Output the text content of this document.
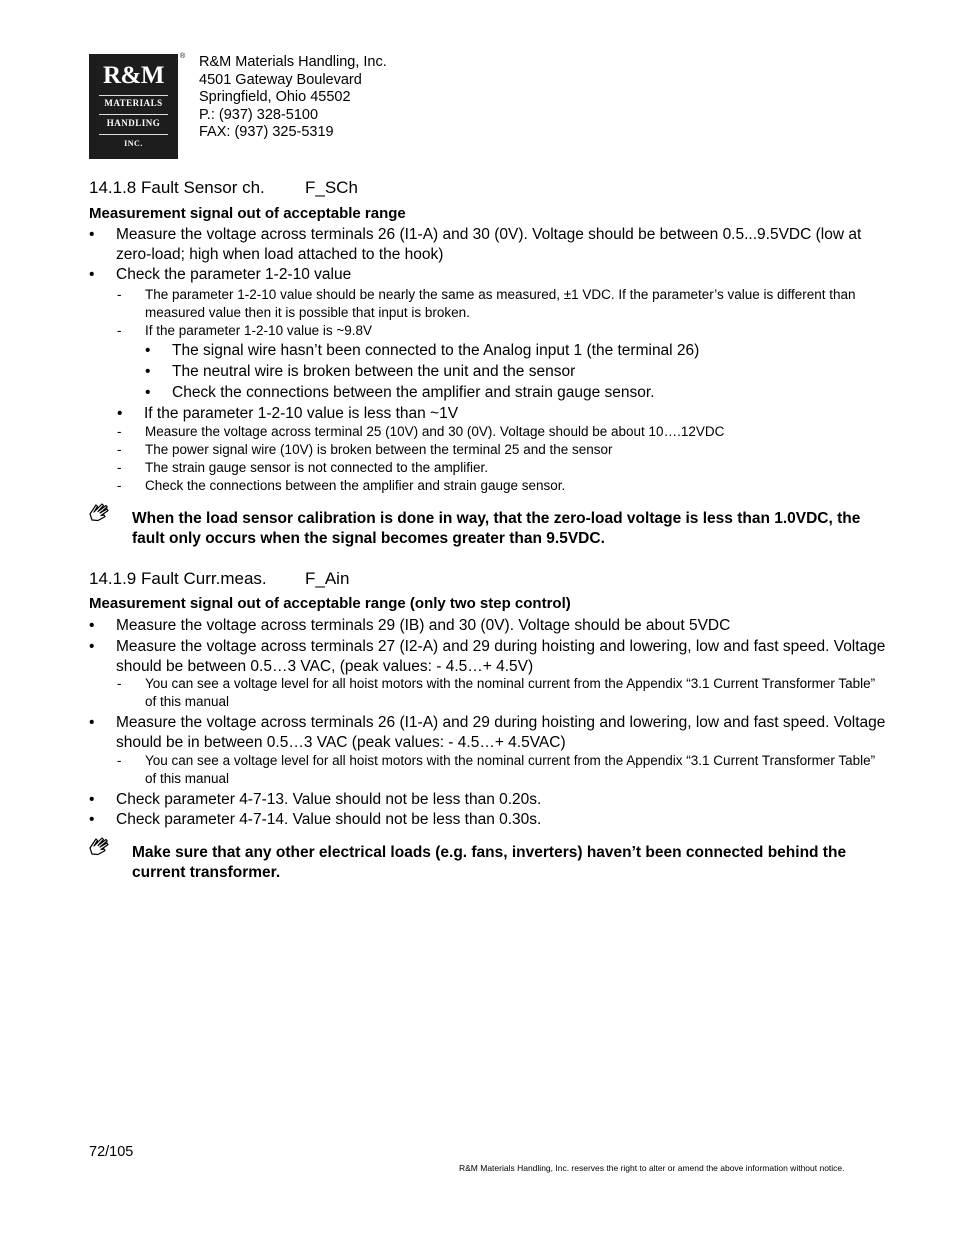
R&M
MATERIALS
HANDLING
INC.
® R&M Materials Handling, Inc.
4501 Gateway Boulevard
Springfield, Ohio 45502
P.: (937) 328-5100
FAX: (937) 325-5319
14.1.8 Fault Sensor ch. F_SCh
Measurement signal out of acceptable range
• Measure the voltage across terminals 26 (I1-A) and 30 (0V). Voltage should be between 0.5...9.5VDC (low at zero-load; high when load attached to the hook)
• Check the parameter 1-2-10 value
- The parameter 1-2-10 value should be nearly the same as measured, ±1 VDC. If the parameter’s value is different than measured value then it is possible that input is broken.
- If the parameter 1-2-10 value is ~9.8V
• The signal wire hasn’t been connected to the Analog input 1 (the terminal 26)
• The neutral wire is broken between the unit and the sensor
• Check the connections between the amplifier and strain gauge sensor.
• If the parameter 1-2-10 value is less than ~1V
- Measure the voltage across terminal 25 (10V) and 30 (0V). Voltage should be about 10….12VDC
- The power signal wire (10V) is broken between the terminal 25 and the sensor
- The strain gauge sensor is not connected to the amplifier.
- Check the connections between the amplifier and strain gauge sensor.
When the load sensor calibration is done in way, that the zero-load voltage is less than 1.0VDC, the fault only occurs when the signal becomes greater than 9.5VDC.
14.1.9 Fault Curr.meas. F_Ain
Measurement signal out of acceptable range (only two step control)
• Measure the voltage across terminals 29 (IB) and 30 (0V). Voltage should be about 5VDC
• Measure the voltage across terminals 27 (I2-A) and 29 during hoisting and lowering, low and fast speed. Voltage should be between 0.5…3 VAC, (peak values: - 4.5…+ 4.5V)
- You can see a voltage level for all hoist motors with the nominal current from the Appendix “3.1 Current Transformer Table” of this manual
• Measure the voltage across terminals 26 (I1-A) and 29 during hoisting and lowering, low and fast speed. Voltage should be in between 0.5…3 VAC (peak values: - 4.5…+ 4.5VAC)
- You can see a voltage level for all hoist motors with the nominal current from the Appendix “3.1 Current Transformer Table” of this manual
• Check parameter 4-7-13. Value should not be less than 0.20s.
• Check parameter 4-7-14. Value should not be less than 0.30s.
Make sure that any other electrical loads (e.g. fans, inverters) haven’t been connected behind the current transformer.
72/105
R&M Materials Handling, Inc. reserves the right to alter or amend the above information without notice.
